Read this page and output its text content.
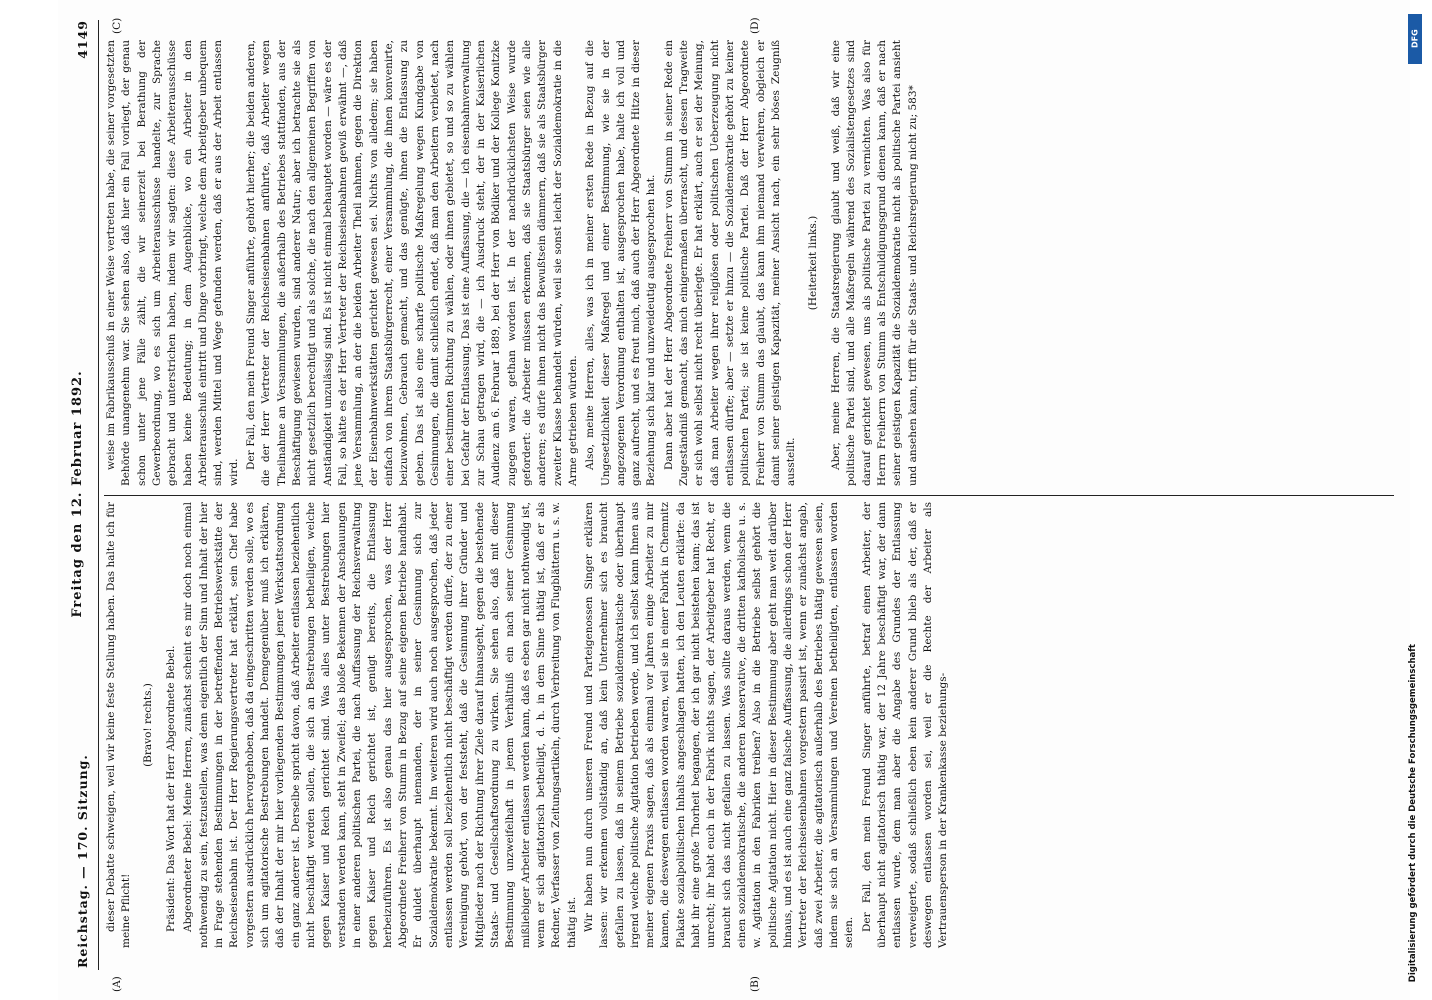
Reichstag. — 170. Sitzung.
Freitag den 12. Februar 1892.
4149
(A)	(B)
(C)	(D)

dieser Debatte schweigen, weil wir keine feste Stellung haben. Das halte ich für meine Pflicht!

(Bravo! rechts.) Präsident: Das Wort hat der Herr Abgeordnete Bebel. Abgeordneter Bebel: Meine Herren, zunächst scheint es mir doch noch einmal nothwendig zu sein, festzustellen, was denn eigentlich der Sinn und Inhalt der hier in Frage stehenden Bestimmungen in der betreffenden Betriebswerkstätte der Reichseisenbahn ist. Der Herr Regierungsvertreter hat erklärt, sein Chef habe vorgestern ausdrücklich hervorgehoben, daß da eingeschritten werden solle, wo es sich um agitatorische Bestrebungen handelt. Demgegenüber muß ich erklären, daß der Inhalt der mir hier vorliegenden Bestimmungen jener Werkstattsordnung ein ganz anderer ist. Derselbe spricht davon, daß Arbeiter entlassen beziehentlich nicht beschäftigt werden sollen, die sich an Bestrebungen betheiligen, welche gegen Kaiser und Reich gerichtet sind. Was alles unter Bestrebungen hier verstanden werden kann, steht in Zweifel; das bloße Bekennen der Anschauungen in einer anderen politischen Partei, die nach Auffassung der Reichsverwaltung gegen Kaiser und Reich gerichtet ist, genügt bereits, die Entlassung herbeizuführen. Es ist also genau das hier ausgesprochen, was der Herr Abgeordnete Freiherr von Stumm in Bezug auf seine eigenen Betriebe handhabt. Er duldet überhaupt niemanden, der in seiner Gesinnung sich zur Sozialdemokratie bekennt. Im weiteren wird auch noch ausgesprochen, daß jeder entlassen werden soll beziehentlich nicht beschäftigt werden dürfe, der zu einer Vereinigung gehört, von der feststeht, daß die Gesinnung ihrer Gründer und Mitglieder nach der Richtung ihrer Ziele darauf hinausgeht, gegen die bestehende Staats- und Gesellschaftsordnung zu wirken. Sie sehen also, daß mit dieser Bestimmung unzweifelhaft in jenem Verhältniß ein nach seiner Gesinnung mißliebiger Arbeiter entlassen werden kann, daß es eben gar nicht nothwendig ist, wenn er sich agitatorisch betheiligt, d. h. in dem Sinne thätig ist, daß er als Redner, Verfasser von Zeitungsartikeln, durch Verbreitung von Flugblättern u. s. w. thätig ist. Wir haben nun durch unseren Freund und Parteigenossen Singer erklären lassen: wir erkennen vollständig an, daß kein Unternehmer sich es braucht gefallen zu lassen, daß in seinem Betriebe sozialdemokratische oder überhaupt irgend welche politische Agitation betrieben werde, und ich selbst kann Ihnen aus meiner eigenen Praxis sagen, daß als einmal vor Jahren einige Arbeiter zu mir kamen, die deswegen entlassen worden waren, weil sie in einer Fabrik in Chemnitz Plakate sozialpolitischen Inhalts angeschlagen hatten, ich den Leuten erklärte: da habt ihr eine große Thorheit begangen, der ich gar nicht beistehen kann; das ist unrecht; ihr habt euch in der Fabrik nichts sagen, der Arbeitgeber hat Recht, er braucht sich das nicht gefallen zu lassen. Was sollte daraus werden, wenn die einen sozialdemokratische, die anderen konservative, die dritten katholische u. s. w. Agitation in den Fabriken treiben? Also in die Betriebe selbst gehört die politische Agitation nicht. Hier in dieser Bestimmung aber geht man weit darüber hinaus, und es ist auch eine ganz falsche Auffassung, die allerdings schon der Herr Vertreter der Reichseisenbahnen vorgestern passirt ist, wenn er zunächst angab, daß zwei Arbeiter, die agitatorisch außerhalb des Betriebes thätig gewesen seien, indem sie sich an Versammlungen und Vereinen betheiligten, entlassen worden seien.

Der Fall, den mein Freund Singer anführte, betraf einen Arbeiter, der überhaupt nicht agitatorisch thätig war, der 12 Jahre beschäftigt war, der dann entlassen wurde, dem man aber die Angabe des Grundes der Entlassung verweigerte, sodaß schließlich eben kein anderer Grund blieb als der, daß er deswegen entlassen worden sei, weil er die Rechte der Arbeiter als Vertrauensperson in der Krankenkasse beziehungs-

weise im Fabrikausschuß in einer Weise vertreten habe, die seiner vorgesetzten Behörde unangenehm war. Sie sehen also, daß hier ein Fall vorliegt, der genau schon unter jene Fälle zählt, die wir seinerzeit bei Berathung der Gewerbeordnung, wo es sich um Arbeiterausschüsse handelte, zur Sprache gebracht und unterstrichen haben, indem wir sagten: diese Arbeiterausschüsse haben keine Bedeutung; in dem Augenblicke, wo ein Arbeiter in den Arbeiterausschuß eintritt und Dinge vorbringt, welche dem Arbeitgeber unbequem sind, werden Mittel und Wege gefunden werden, daß er aus der Arbeit entlassen wird.

Der Fall, den mein Freund Singer anführte, gehört hierher; die beiden anderen, die der Herr Vertreter der Reichseisenbahnen anführte, daß Arbeiter wegen Theilnahme an Versammlungen, die außerhalb des Betriebes stattfanden, aus der Beschäftigung gewiesen wurden, sind anderer Natur; aber ich betrachte sie als nicht gesetzlich berechtigt und als solche, die nach den allgemeinen Begriffen von Anständigkeit unzulässig sind. Es ist nicht einmal behauptet worden — wäre es der Fall, so hätte es der Herr Vertreter der Reichseisenbahnen gewiß erwähnt —, daß jene Versammlung, an der die beiden Arbeiter Theil nahmen, gegen die Direktion der Eisenbahnwerkstätten gerichtet gewesen sei. Nichts von alledem; sie haben einfach von ihrem Staatsbürgerrecht, einer Versammlung, die ihnen konvenirte, beizuwohnen, Gebrauch gemacht, und das genügte, ihnen die Entlassung zu geben. Das ist also eine scharfe politische Maßregelung wegen Kundgabe von Gesinnungen, die damit schließlich endet, daß man den Arbeitern verbietet, nach einer bestimmten Richtung zu wählen, oder ihnen gebietet, so und so zu wählen bei Gefahr der Entlassung. Das ist eine Auffassung, die — ich eisenbahnverwaltung zur Schau getragen wird, die — ich Ausdruck steht, der in der Kaiserlichen Audienz am 6. Februar 1889, bei der Herr von Bödiker und der Kollege Konitzke zugegen waren, gethan worden ist. In der nachdrücklichsten Weise wurde gefordert: die Arbeiter müssen erkennen, daß sie Staatsbürger seien wie alle anderen; es dürfe ihnen nicht das Bewußtsein dämmern, daß sie als Staatsbürger zweiter Klasse behandelt würden, weil sie sonst leicht der Sozialdemokratie in die Arme getrieben würden. Also, meine Herren, alles, was ich in meiner ersten Rede in Bezug auf die Ungesetzlichkeit dieser Maßregel und einer Bestimmung, wie sie in der angezogenen Verordnung enthalten ist, ausgesprochen habe, halte ich voll und ganz aufrecht, und es freut mich, daß auch der Herr Abgeordnete Hitze in dieser Beziehung sich klar und unzweideutig ausgesprochen hat. Dann aber hat der Herr Abgeordnete Freiherr von Stumm in seiner Rede ein Zugeständniß gemacht, das mich einigermaßen überrascht, und dessen Tragweite er sich wohl selbst nicht recht überlegte. Er hat erklärt, auch er sei der Meinung, daß man Arbeiter wegen ihrer religiösen oder politischen Ueberzeugung nicht entlassen dürfte; aber — setzte er hinzu — die Sozialdemokratie gehört zu keiner politischen Partei; sie ist keine politische Partei. Daß der Herr Abgeordnete Freiherr von Stumm das glaubt, das kann ihm niemand verwehren, obgleich er damit seiner geistigen Kapazität, meiner Ansicht nach, ein sehr böses Zeugniß ausstellt.

(Heiterkeit links.) Aber, meine Herren, die Staatsregierung glaubt und weiß, daß wir eine politische Partei sind, und alle Maßregeln während des Sozialistengesetzes sind darauf gerichtet gewesen, uns als politische Partei zu vernichten. Was also für Herrn Freiherrn von Stumm als Entschuldigungsgrund dienen kann, daß er nach seiner geistigen Kapazität die Sozialdemokratie nicht als politische Partei ansieht und ansehen kann, trifft für die Staats- und Reichsregierung nicht zu; 583*

DFG
Digitalisierung gefördert durch die Deutsche Forschungsgemeinschaft
